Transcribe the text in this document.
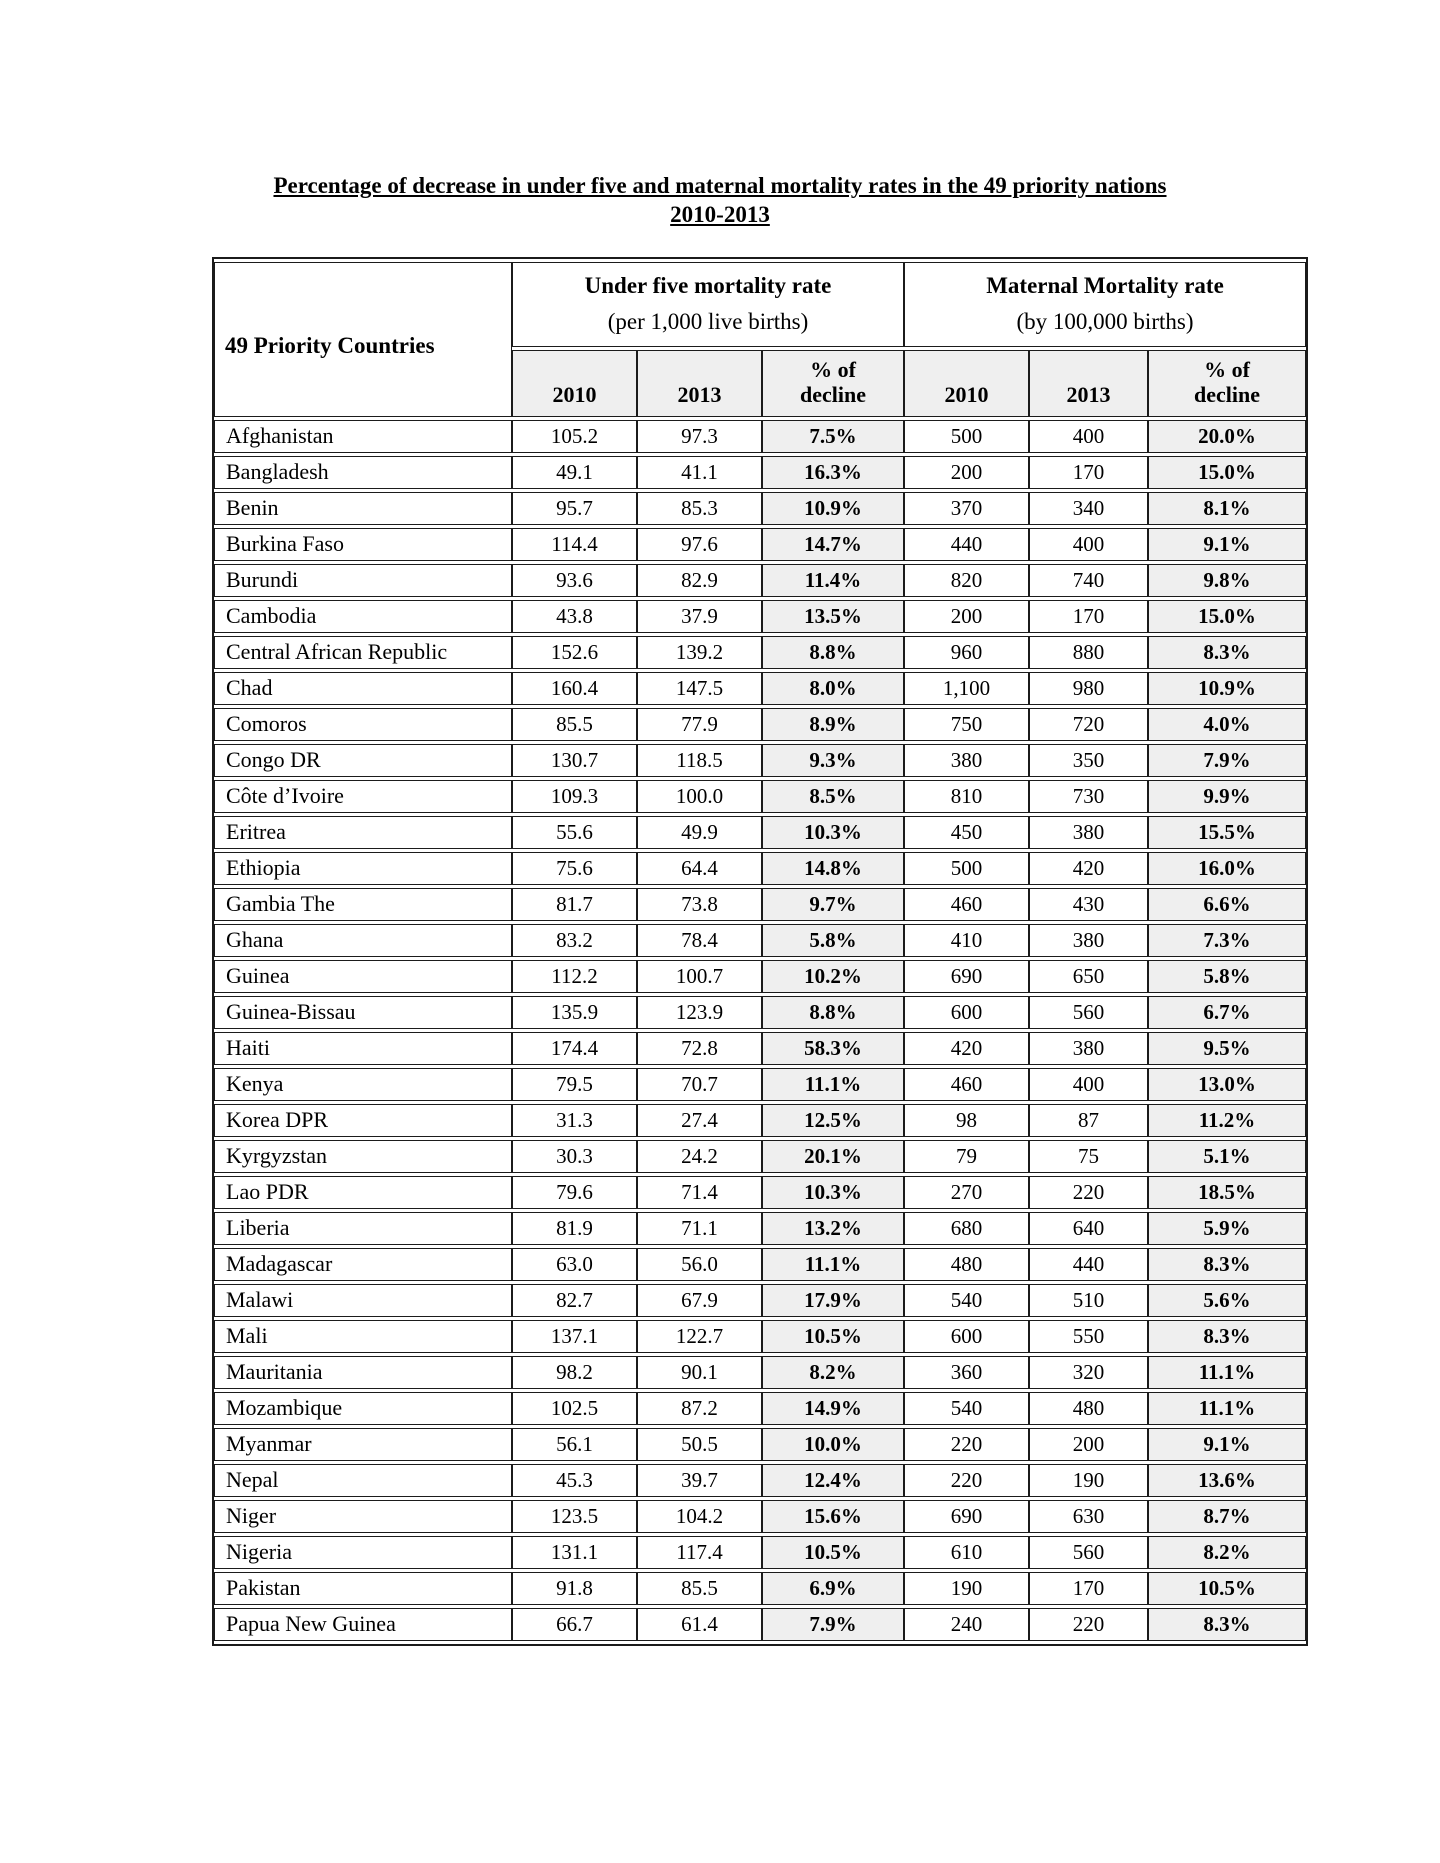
Percentage of decrease in under five and maternal mortality rates in the 49 priority nations
2010-2013
49 Priority Countries	
Under five mortality rate
(per 1,000 live births)

Maternal Mortality rate
(by 100,000 births)

	2010	2013	% of decline	2010	2013	% of decline
Afghanistan	105.2	97.3	7.5%	500	400	20.0%
Bangladesh	49.1	41.1	16.3%	200	170	15.0%
Benin	95.7	85.3	10.9%	370	340	8.1%
Burkina Faso	114.4	97.6	14.7%	440	400	9.1%
Burundi	93.6	82.9	11.4%	820	740	9.8%
Cambodia	43.8	37.9	13.5%	200	170	15.0%
Central African Republic	152.6	139.2	8.8%	960	880	8.3%
Chad	160.4	147.5	8.0%	1,100	980	10.9%
Comoros	85.5	77.9	8.9%	750	720	4.0%
Congo DR	130.7	118.5	9.3%	380	350	7.9%
Côte d’Ivoire	109.3	100.0	8.5%	810	730	9.9%
Eritrea	55.6	49.9	10.3%	450	380	15.5%
Ethiopia	75.6	64.4	14.8%	500	420	16.0%
Gambia The	81.7	73.8	9.7%	460	430	6.6%
Ghana	83.2	78.4	5.8%	410	380	7.3%
Guinea	112.2	100.7	10.2%	690	650	5.8%
Guinea-Bissau	135.9	123.9	8.8%	600	560	6.7%
Haiti	174.4	72.8	58.3%	420	380	9.5%
Kenya	79.5	70.7	11.1%	460	400	13.0%
Korea DPR	31.3	27.4	12.5%	98	87	11.2%
Kyrgyzstan	30.3	24.2	20.1%	79	75	5.1%
Lao PDR	79.6	71.4	10.3%	270	220	18.5%
Liberia	81.9	71.1	13.2%	680	640	5.9%
Madagascar	63.0	56.0	11.1%	480	440	8.3%
Malawi	82.7	67.9	17.9%	540	510	5.6%
Mali	137.1	122.7	10.5%	600	550	8.3%
Mauritania	98.2	90.1	8.2%	360	320	11.1%
Mozambique	102.5	87.2	14.9%	540	480	11.1%
Myanmar	56.1	50.5	10.0%	220	200	9.1%
Nepal	45.3	39.7	12.4%	220	190	13.6%
Niger	123.5	104.2	15.6%	690	630	8.7%
Nigeria	131.1	117.4	10.5%	610	560	8.2%
Pakistan	91.8	85.5	6.9%	190	170	10.5%
Papua New Guinea	66.7	61.4	7.9%	240	220	8.3%
